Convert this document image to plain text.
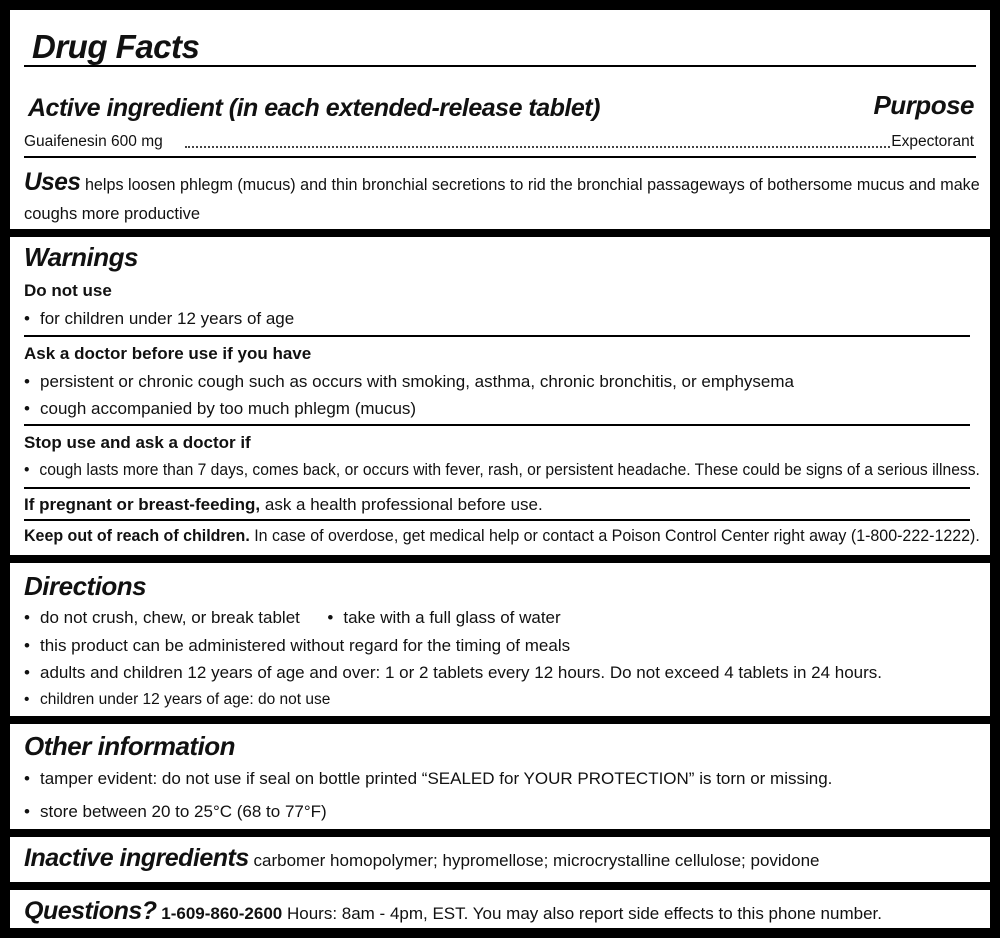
Drug Facts
Active ingredient (in each extended-release tablet)	Purpose
Guaifenesin 600 mg	Expectorant
Uses helps loosen phlegm (mucus) and thin bronchial secretions to rid the bronchial passageways of bothersome mucus and make
coughs more productive
Warnings
Do not use
• for children under 12 years of age
Ask a doctor before use if you have
• persistent or chronic cough such as occurs with smoking, asthma, chronic bronchitis, or emphysema
• cough accompanied by too much phlegm (mucus)
Stop use and ask a doctor if
• cough lasts more than 7 days, comes back, or occurs with fever, rash, or persistent headache. These could be signs of a serious illness.
If pregnant or breast-feeding, ask a health professional before use.
Keep out of reach of children. In case of overdose, get medical help or contact a Poison Control Center right away (1-800-222-1222).
Directions
• do not crush, chew, or break tablet • take with a full glass of water
• this product can be administered without regard for the timing of meals
• adults and children 12 years of age and over: 1 or 2 tablets every 12 hours. Do not exceed 4 tablets in 24 hours.
• children under 12 years of age: do not use
Other information
• tamper evident: do not use if seal on bottle printed “SEALED for YOUR PROTECTION” is torn or missing.
• store between 20 to 25°C (68 to 77°F)
Inactive ingredients carbomer homopolymer; hypromellose; microcrystalline cellulose; povidone
Questions? 1-609-860-2600 Hours: 8am - 4pm, EST. You may also report side effects to this phone number.
